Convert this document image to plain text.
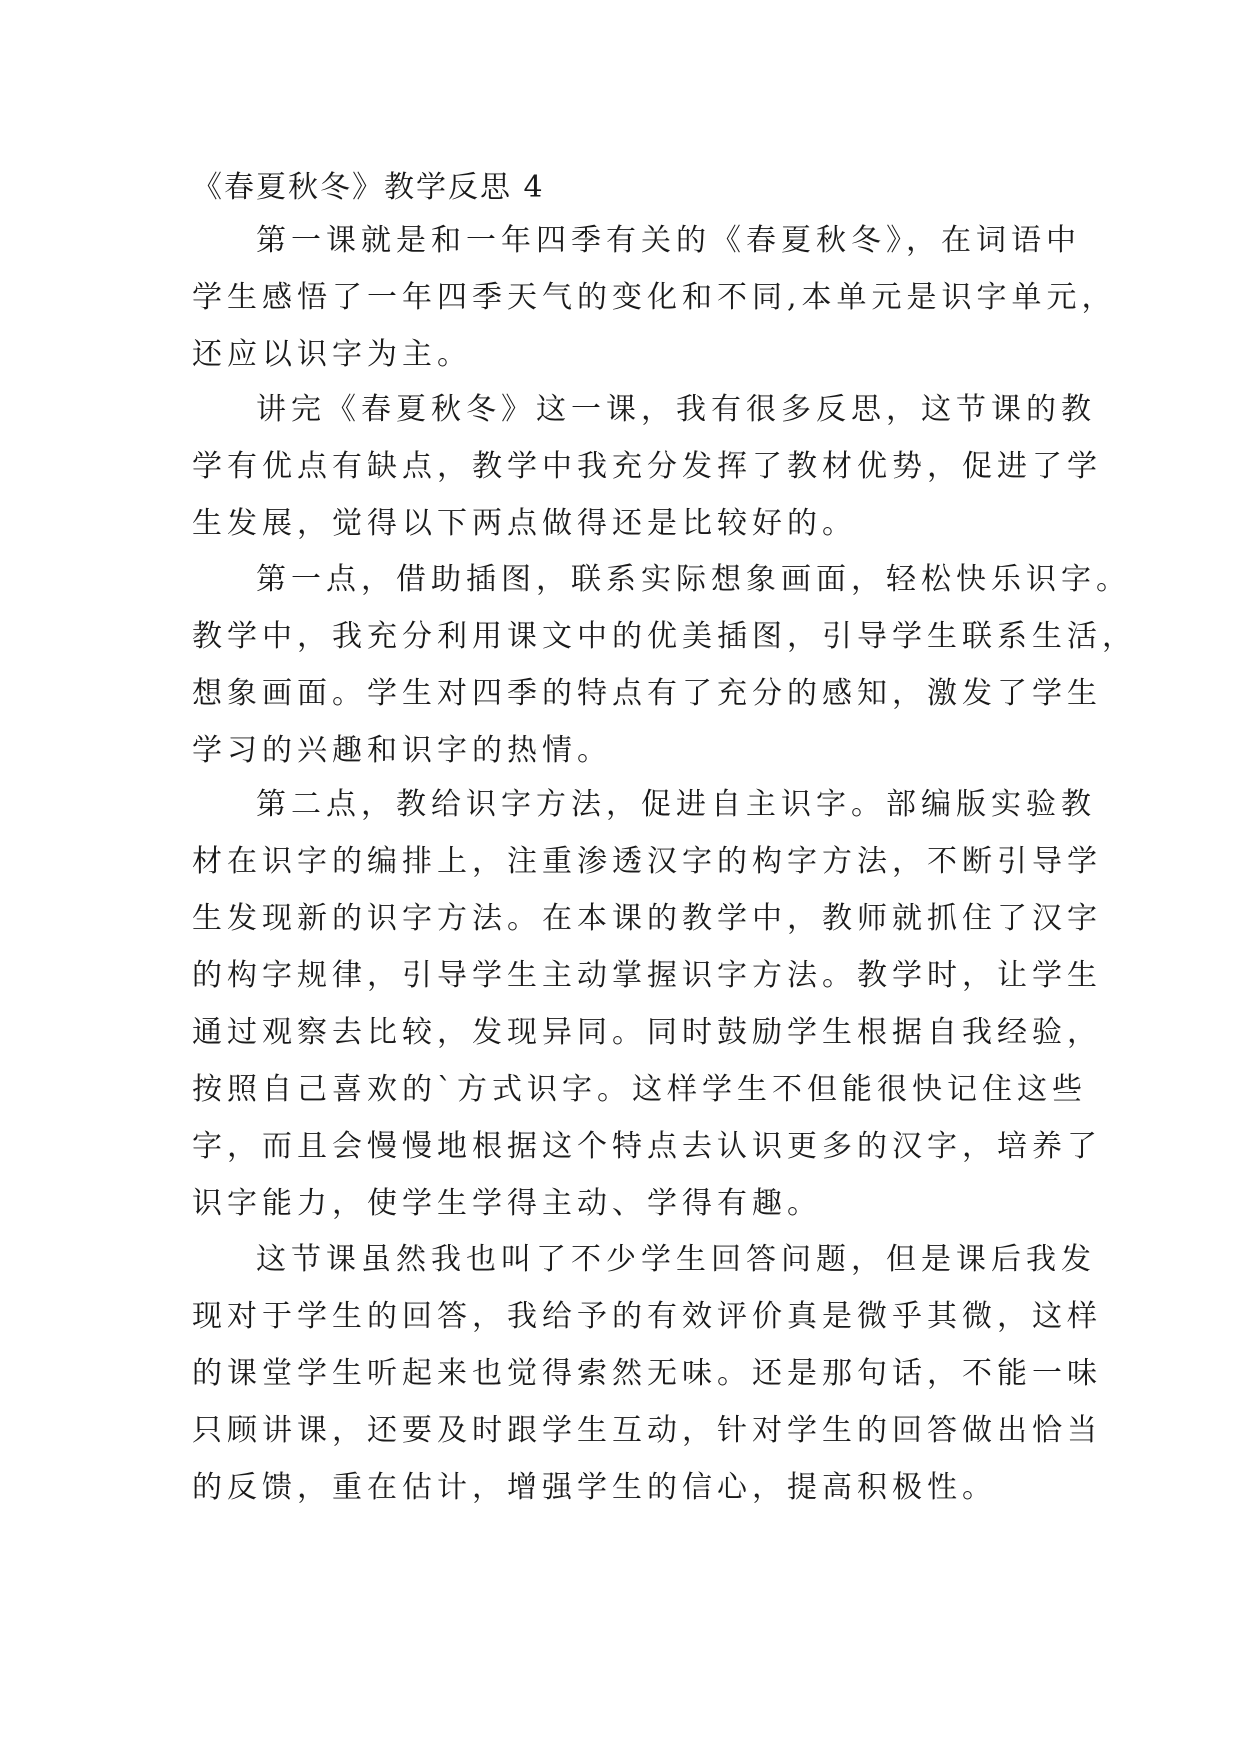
《春夏秋冬》教学反思 4
第一课就是和一年四季有关的《春夏秋冬》，在词语中
学生感悟了一年四季天气的变化和不同,本单元是识字单元，
还应以识字为主。
讲完《春夏秋冬》这一课，我有很多反思，这节课的教
学有优点有缺点，教学中我充分发挥了教材优势，促进了学
生发展，觉得以下两点做得还是比较好的。
第一点，借助插图，联系实际想象画面，轻松快乐识字。
教学中，我充分利用课文中的优美插图，引导学生联系生活，
想象画面。学生对四季的特点有了充分的感知，激发了学生
学习的兴趣和识字的热情。
第二点，教给识字方法，促进自主识字。部编版实验教
材在识字的编排上，注重渗透汉字的构字方法，不断引导学
生发现新的识字方法。在本课的教学中，教师就抓住了汉字
的构字规律，引导学生主动掌握识字方法。教学时，让学生
通过观察去比较，发现异同。同时鼓励学生根据自我经验，
按照自己喜欢的`方式识字。这样学生不但能很快记住这些
字，而且会慢慢地根据这个特点去认识更多的汉字，培养了
识字能力，使学生学得主动、学得有趣。
这节课虽然我也叫了不少学生回答问题，但是课后我发
现对于学生的回答，我给予的有效评价真是微乎其微，这样
的课堂学生听起来也觉得索然无味。还是那句话，不能一味
只顾讲课，还要及时跟学生互动，针对学生的回答做出恰当
的反馈，重在估计，增强学生的信心，提高积极性。
